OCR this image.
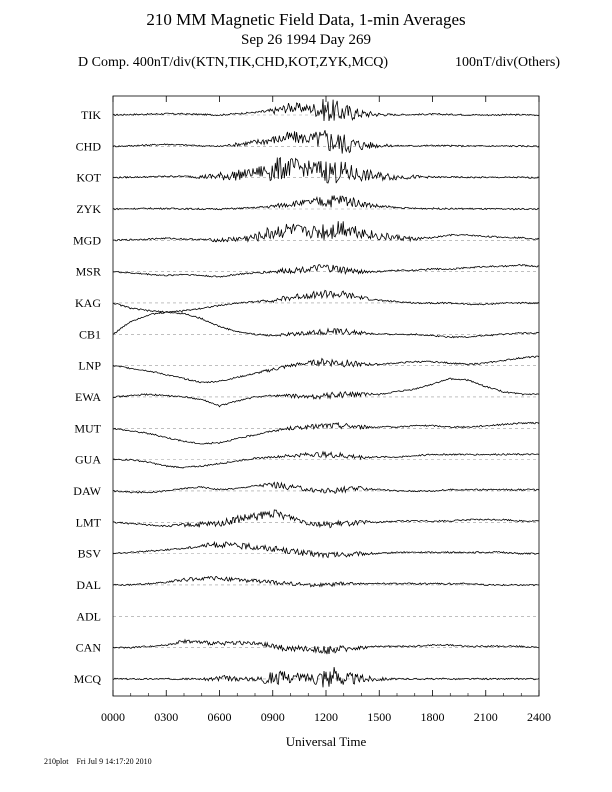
210 MM Magnetic Field Data, 1-min Averages
Sep 26 1994 Day 269
D Comp. 400nT/div(KTN,TIK,CHD,KOT,ZYK,MCQ)	100nT/div(Others)
TIK
CHD
KOT
ZYK
MGD
MSR
KAG
CB1
LNP
EWA
MUT
GUA
DAW
LMT
BSV
DAL
ADL
CAN
MCQ
0000 0300 0600 0900 1200 1500 1800 2100 2400
Universal Time
210plot Fri Jul 9 14:17:20 2010
